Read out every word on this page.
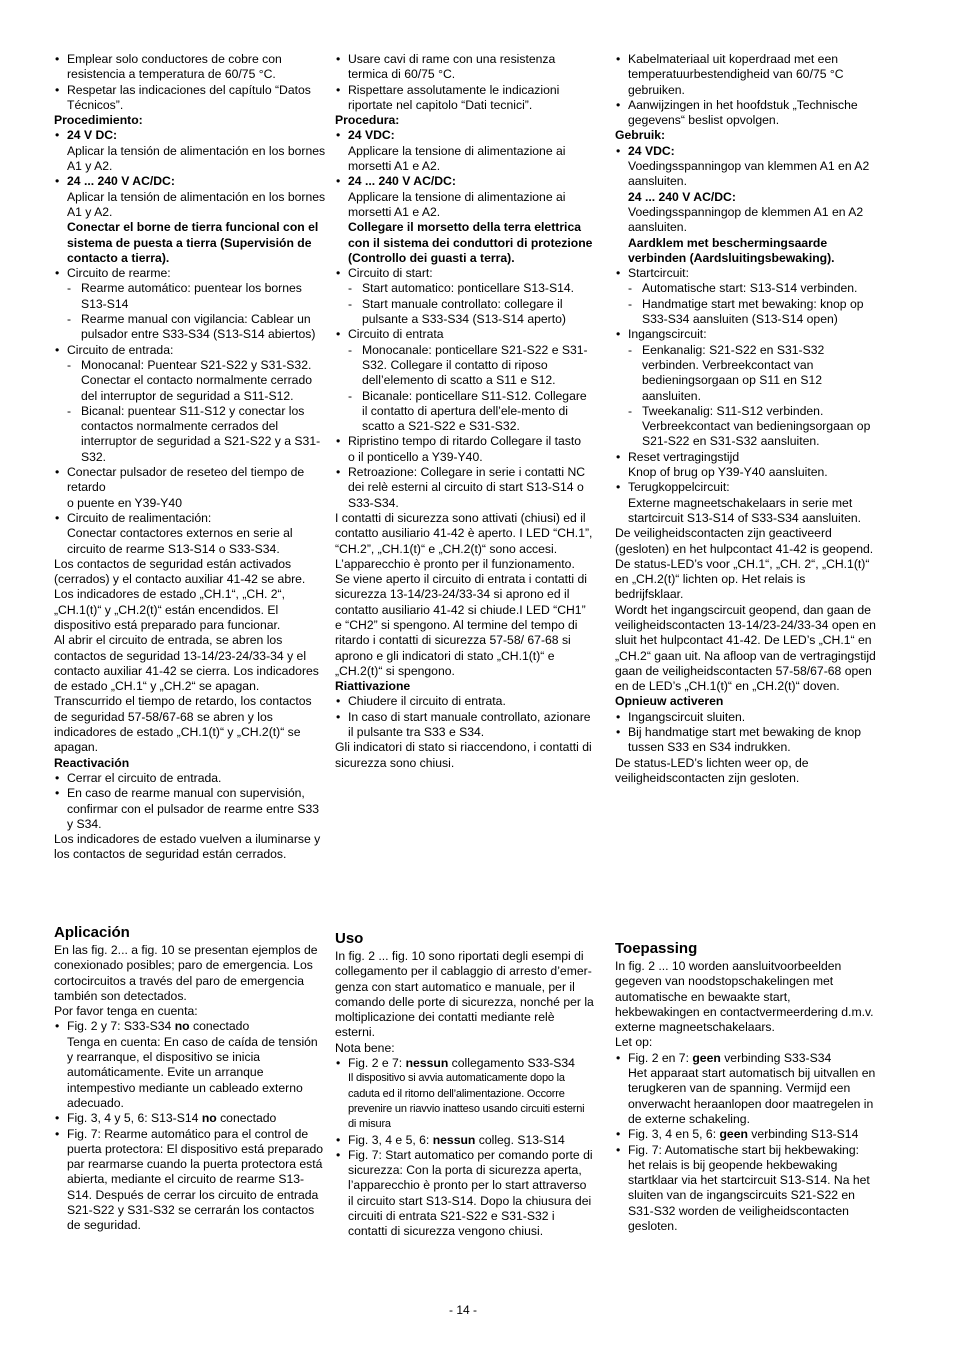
• Emplear solo conductores de cobre con resistencia a temperatura de 60/75 °C.
• Respetar las indicaciones del capítulo “Datos Técnicos”.

Procedimiento:

• 24 V DC:

Aplicar la tensión de alimentación en los bornes A1 y A2.

• 24 ... 240 V AC/DC:

Aplicar la tensión de alimentación en los bornes A1 y A2.

Conectar el borne de tierra funcional con el sistema de puesta a tierra (Supervisión de contacto a tierra).

• Circuito de rearme:
- Rearme automático: puentear los bornes S13-S14
- Rearme manual con vigilancia: Cablear un pulsador entre S33-S34 (S13-S14 abiertos)
• Circuito de entrada:
- Monocanal: Puentear S21-S22 y S31-S32. Conectar el contacto normalmente cerrado del interruptor de seguridad a S11-S12.
- Bicanal: puentear S11-S12 y conectar los contactos normalmente cerrados del interruptor de seguridad a S21-S22 y a S31-S32.
• Conectar pulsador de reseteo del tiempo de retardo

o puente en Y39-Y40

• Circuito de realimentación:

Conectar contactores externos en serie al circuito de rearme S13-S14 o S33-S34.

Los contactos de seguridad están activados (cerrados) y el contacto auxiliar 41-42 se abre. Los indicadores de estado „CH.1“, „CH. 2“, „CH.1(t)“ y „CH.2(t)“ están encendidos. El dispositivo está preparado para funcionar.

Al abrir el circuito de entrada, se abren los contactos de seguridad 13-14/23-24/33-34 y el contacto auxiliar 41-42 se cierra. Los indicadores de estado „CH.1“ y „CH.2“ se apagan. Transcurrido el tiempo de retardo, los contactos de seguridad 57-58/67-68 se abren y los indicadores de estado „CH.1(t)“ y „CH.2(t)“ se apagan.

Reactivación

• Cerrar el circuito de entrada.
• En caso de rearme manual con supervisión, confirmar con el pulsador de rearme entre S33 y S34.

Los indicadores de estado vuelven a iluminarse y los contactos de seguridad están cerrados.

Aplicación

En las fig. 2... a fig. 10 se presentan ejemplos de conexionado posibles; paro de emergencia. Los cortocircuitos a través del paro de emergencia también son detectados.

Por favor tenga en cuenta:

• Fig. 2 y 7: S33-S34 no conectado

Tenga en cuenta: En caso de caída de tensión y rearranque, el dispositivo se inicia automáticamente. Evite un arranque intempestivo mediante un cableado externo adecuado.

• Fig. 3, 4 y 5, 6: S13-S14 no conectado
• Fig. 7: Rearme automático para el control de puerta protectora: El dispositivo está preparado par rearmarse cuando la puerta protectora está abierta, mediante el circuito de rearme S13-S14. Después de cerrar los circuito de entrada S21-S22 y S31-S32 se cerrarán los contactos de seguridad.
• Usare cavi di rame con una resistenza termica di 60/75 °C.
• Rispettare assolutamente le indicazioni riportate nel capitolo “Dati tecnici”.

Procedura:

• 24 VDC:

Applicare la tensione di alimentazione ai morsetti A1 e A2.

• 24 ... 240 V AC/DC:

Applicare la tensione di alimentazione ai morsetti A1 e A2.

Collegare il morsetto della terra elettrica con il sistema dei conduttori di protezione (Controllo dei guasti a terra).

• Circuito di start:
- Start automatico: ponticellare S13-S14.
- Start manuale controllato: collegare il pulsante a S33-S34 (S13-S14 aperto)
• Circuito di entrata
- Monocanale: ponticellare S21-S22 e S31-S32. Collegare il contatto di riposo dell’elemento di scatto a S11 e S12.
- Bicanale: ponticellare S11-S12. Collegare il contatto di apertura dell’ele-mento di scatto a S21-S22 e S31-S32.
• Ripristino tempo di ritardo Collegare il tasto

o il ponticello a Y39-Y40.

• Retroazione: Collegare in serie i contatti NC dei relè esterni al circuito di start S13-S14 o S33-S34.

I contatti di sicurezza sono attivati (chiusi) ed il contatto ausiliario 41-42 è aperto. I LED “CH.1”, “CH.2”, „CH.1(t)“ e „CH.2(t)“ sono accesi. L’apparecchio è pronto per il funzionamento.

Se viene aperto il circuito di entrata i contatti di sicurezza 13-14/23-24/33-34 si aprono ed il contatto ausiliario 41-42 si chiude.I LED “CH1” e “CH2” si spengono. Al termine del tempo di ritardo i contatti di sicurezza 57-58/ 67-68 si aprono e gli indicatori di stato „CH.1(t)“ e „CH.2(t)“ si spengono.

Riattivazione

• Chiudere il circuito di entrata.
• In caso di start manuale controllato, azionare il pulsante tra S33 e S34.

Gli indicatori di stato si riaccendono, i contatti di sicurezza sono chiusi.

Uso

In fig. 2 ... fig. 10 sono riportati degli esempi di collegamento per il cablaggio di arresto d’emer-genza con start automatico e manuale, per il comando delle porte di sicurezza, nonché per la moltiplicazione dei contatti mediante relè esterni.

Nota bene:

• Fig. 2 e 7: nessun collegamento S33-S34

Il dispositivo si avvia automaticamente dopo la caduta ed il ritorno dell’alimentazione. Occorre prevenire un riavvio inatteso usando circuiti esterni di misura

• Fig. 3, 4 e 5, 6: nessun colleg. S13-S14
• Fig. 7: Start automatico per comando porte di sicurezza: Con la porta di sicurezza aperta, l’apparecchio è pronto per lo start attraverso il circuito start S13-S14. Dopo la chiusura dei circuiti di entrata S21-S22 e S31-S32 i contatti di sicurezza vengono chiusi.
• Kabelmateriaal uit koperdraad met een temperatuurbestendigheid van 60/75 °C gebruiken.
• Aanwijzingen in het hoofdstuk „Technische gegevens“ beslist opvolgen.

Gebruik:

• 24 VDC:

Voedingsspanningop van klemmen A1 en A2 aansluiten.

24 ... 240 V AC/DC:

Voedingsspanningop de klemmen A1 en A2 aansluiten.

Aardklem met beschermingsaarde verbinden (Aardsluitingsbewaking).

• Startcircuit:
- Automatische start: S13-S14 verbinden.
- Handmatige start met bewaking: knop op S33-S34 aansluiten (S13-S14 open)
• Ingangscircuit:
- Eenkanalig: S21-S22 en S31-S32 verbinden. Verbreekcontact van bedieningsorgaan op S11 en S12 aansluiten.
- Tweekanalig: S11-S12 verbinden. Verbreekcontact van bedieningsorgaan op S21-S22 en S31-S32 aansluiten.
• Reset vertragingstijd

Knop of brug op Y39-Y40 aansluiten.

• Terugkoppelcircuit:

Externe magneetschakelaars in serie met startcircuit S13-S14 of S33-S34 aansluiten.

De veiligheidscontacten zijn geactiveerd (gesloten) en het hulpcontact 41-42 is geopend. De status-LED’s voor „CH.1“, „CH. 2“, „CH.1(t)“ en „CH.2(t)“ lichten op. Het relais is bedrijfsklaar.

Wordt het ingangscircuit geopend, dan gaan de veiligheidscontacten 13-14/23-24/33-34 open en sluit het hulpcontact 41-42. De LED’s „CH.1“ en „CH.2“ gaan uit. Na afloop van de vertragingstijd gaan de veiligheidscontacten 57-58/67-68 open en de LED’s „CH.1(t)“ en „CH.2(t)“ doven.

Opnieuw activeren

• Ingangscircuit sluiten.
• Bij handmatige start met bewaking de knop tussen S33 en S34 indrukken.

De status-LED’s lichten weer op, de veiligheidscontacten zijn gesloten.

Toepassing

In fig. 2 ... 10 worden aansluitvoorbeelden gegeven van noodstopschakelingen met automatische en bewaakte start, hekbewakingen en contactvermeerdering d.m.v. externe magneetschakelaars.

Let op:

• Fig. 2 en 7: geen verbinding S33-S34

Het apparaat start automatisch bij uitvallen en terugkeren van de spanning. Vermijd een onverwacht heraanlopen door maatregelen in de externe schakeling.

• Fig. 3, 4 en 5, 6: geen verbinding S13-S14
• Fig. 7: Automatische start bij hekbewaking: het relais is bij geopende hekbewaking startklaar via het startcircuit S13-S14. Na het sluiten van de ingangscircuits S21-S22 en S31-S32 worden de veiligheidscontacten gesloten.
- 14 -
